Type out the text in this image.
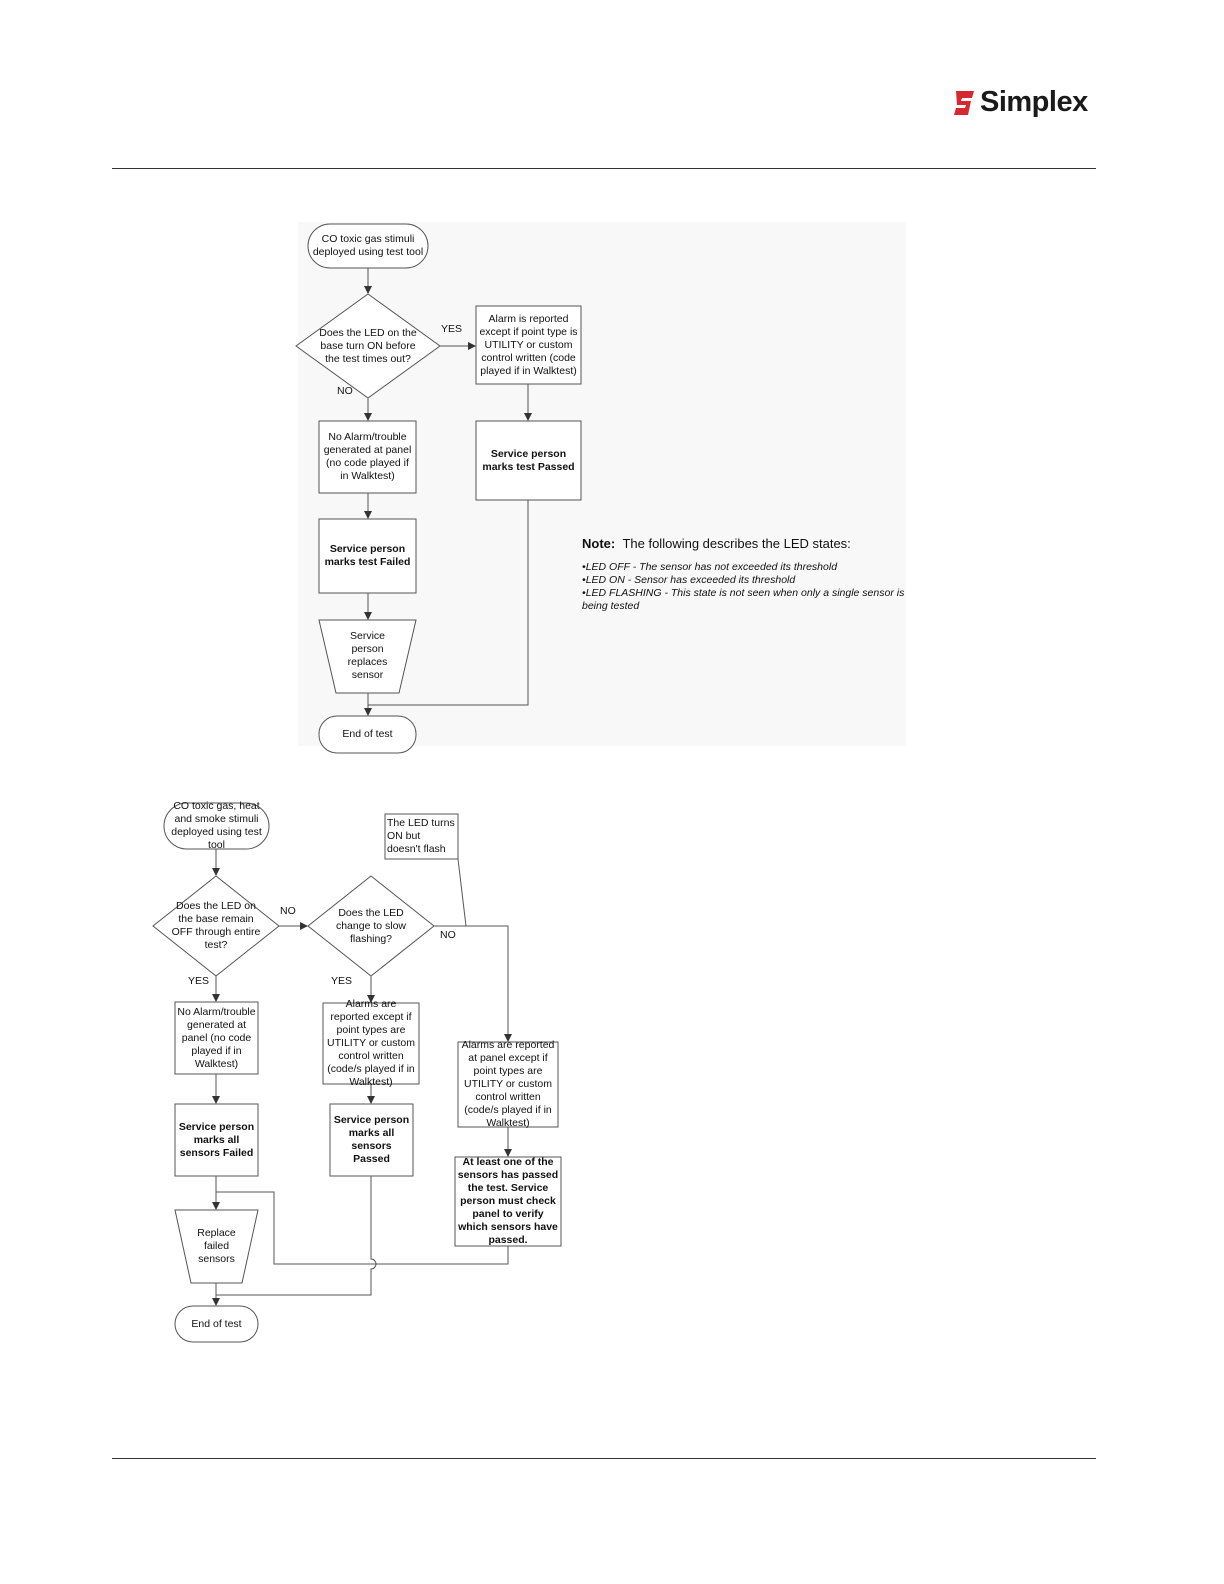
Simplex
CO toxic gas stimuli deployed using test tool
Does the LED on the base turn ON before the test times out?
YES
NO
Alarm is reported except if point type is UTILITY or custom control written (code played if in Walktest)
Service person marks test Passed
No Alarm/trouble generated at panel (no code played if in Walktest)
Service person marks test Failed
Service person replaces sensor
End of test
Note: The following describes the LED states:
•LED OFF - The sensor has not exceeded its threshold
•LED ON - Sensor has exceeded its threshold
•LED FLASHING - This state is not seen when only a single sensor is being tested
CO toxic gas, heat and smoke stimuli deployed using test tool
Does the LED on the base remain OFF through entire test?
Does the LED change to slow flashing?
The LED turns ON but doesn't flash
NO
NO
YES	YES
No Alarm/trouble generated at panel (no code played if in Walktest)
Service person marks all sensors Failed
Replace failed sensors
End of test
Alarms are reported except if point types are UTILITY or custom control written (code/s played if in Walktest)
Service person marks all sensors Passed
Alarms are reported at panel except if point types are UTILITY or custom control written (code/s played if in Walktest)
At least one of the sensors has passed the test. Service person must check panel to verify which sensors have passed.
